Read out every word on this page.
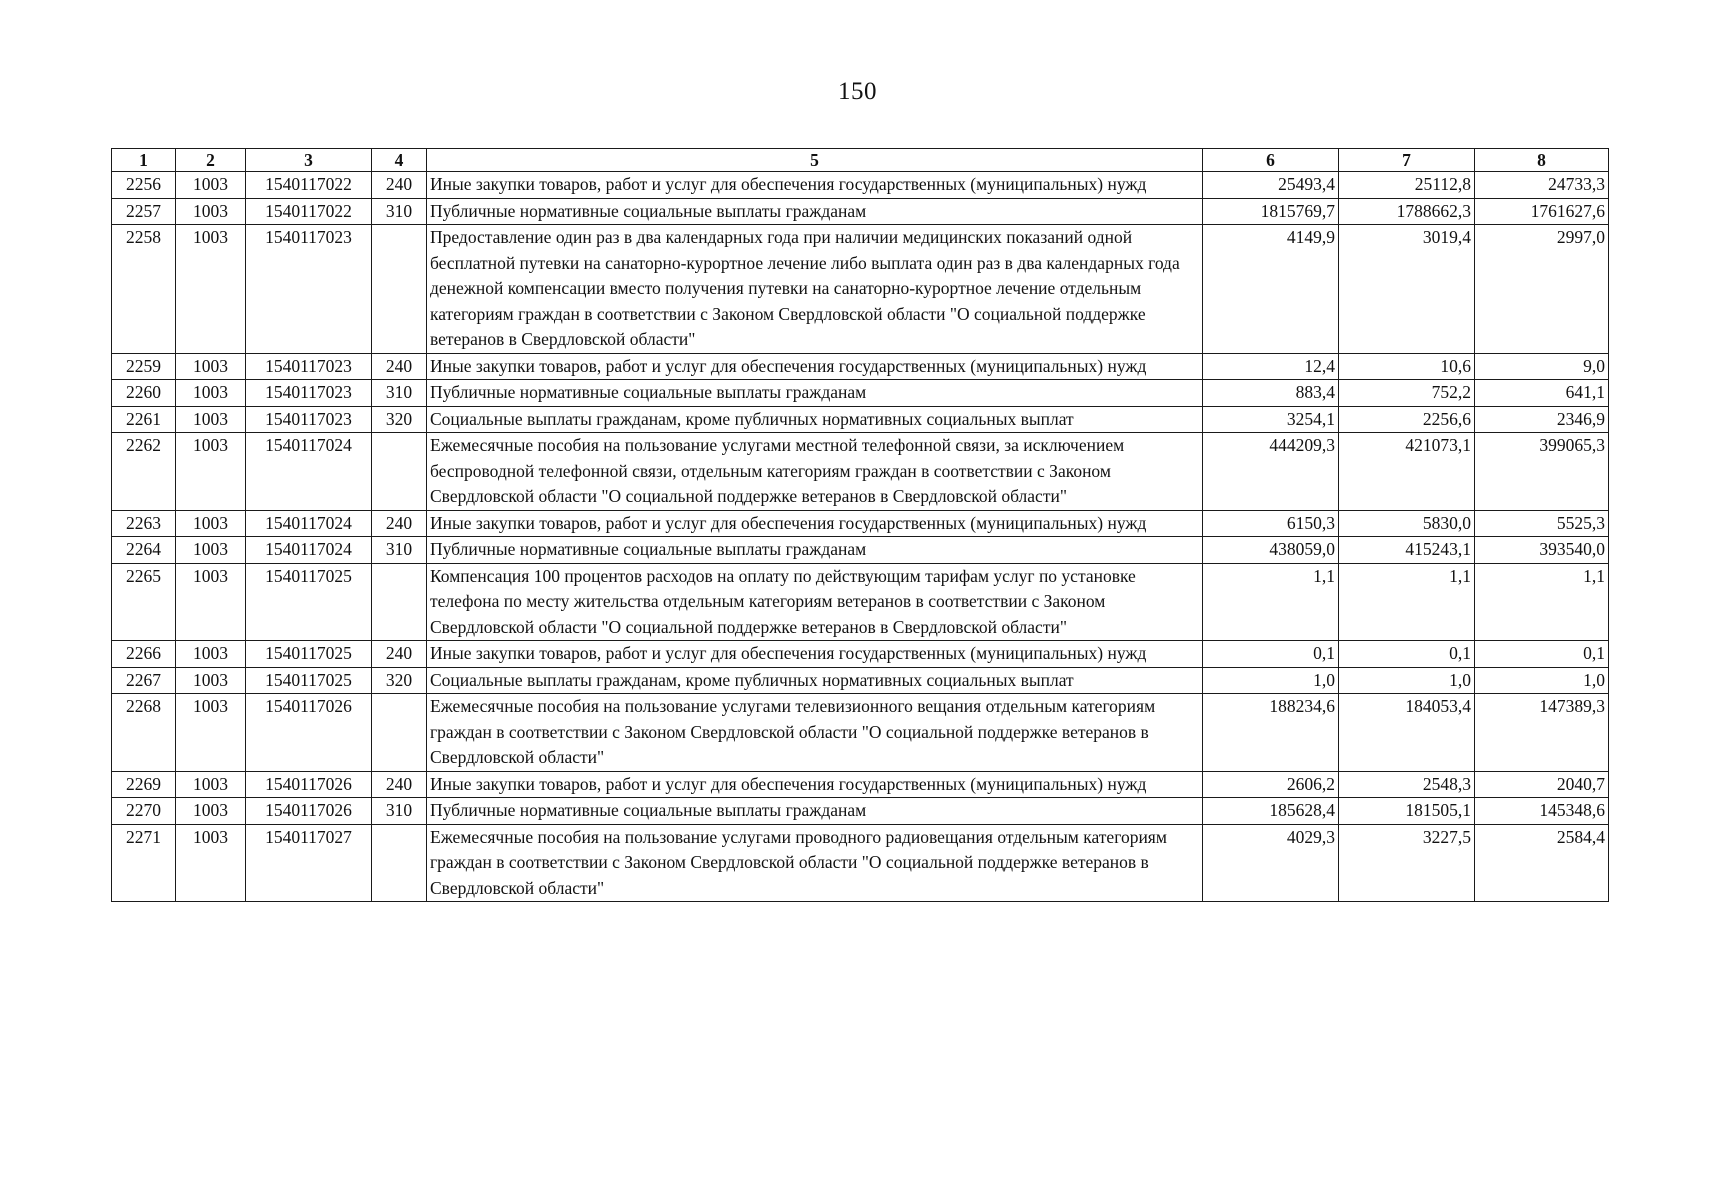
150
1	2	3	4	5	6	7	8
2256	1003	1540117022	240	Иные закупки товаров, работ и услуг для обеспечения государственных (муниципальных) нужд	25493,4	25112,8	24733,3
2257	1003	1540117022	310	Публичные нормативные социальные выплаты гражданам	1815769,7	1788662,3	1761627,6
2258	1003	1540117023		Предоставление один раз в два календарных года при наличии медицинских показаний одной бесплатной путевки на санаторно-курортное лечение либо выплата один раз в два календарных года денежной компенсации вместо получения путевки на санаторно-курортное лечение отдельным категориям граждан в соответствии с Законом Свердловской области "О социальной поддержке ветеранов в Свердловской области"	4149,9	3019,4	2997,0
2259	1003	1540117023	240	Иные закупки товаров, работ и услуг для обеспечения государственных (муниципальных) нужд	12,4	10,6	9,0
2260	1003	1540117023	310	Публичные нормативные социальные выплаты гражданам	883,4	752,2	641,1
2261	1003	1540117023	320	Социальные выплаты гражданам, кроме публичных нормативных социальных выплат	3254,1	2256,6	2346,9
2262	1003	1540117024		Ежемесячные пособия на пользование услугами местной телефонной связи, за исключением беспроводной телефонной связи, отдельным категориям граждан в соответствии с Законом Свердловской области "О социальной поддержке ветеранов в Свердловской области"	444209,3	421073,1	399065,3
2263	1003	1540117024	240	Иные закупки товаров, работ и услуг для обеспечения государственных (муниципальных) нужд	6150,3	5830,0	5525,3
2264	1003	1540117024	310	Публичные нормативные социальные выплаты гражданам	438059,0	415243,1	393540,0
2265	1003	1540117025		Компенсация 100 процентов расходов на оплату по действующим тарифам услуг по установке телефона по месту жительства отдельным категориям ветеранов в соответствии с Законом Свердловской области "О социальной поддержке ветеранов в Свердловской области"	1,1	1,1	1,1
2266	1003	1540117025	240	Иные закупки товаров, работ и услуг для обеспечения государственных (муниципальных) нужд	0,1	0,1	0,1
2267	1003	1540117025	320	Социальные выплаты гражданам, кроме публичных нормативных социальных выплат	1,0	1,0	1,0
2268	1003	1540117026		Ежемесячные пособия на пользование услугами телевизионного вещания отдельным категориям граждан в соответствии с Законом Свердловской области "О социальной поддержке ветеранов в Свердловской области"	188234,6	184053,4	147389,3
2269	1003	1540117026	240	Иные закупки товаров, работ и услуг для обеспечения государственных (муниципальных) нужд	2606,2	2548,3	2040,7
2270	1003	1540117026	310	Публичные нормативные социальные выплаты гражданам	185628,4	181505,1	145348,6
2271	1003	1540117027		Ежемесячные пособия на пользование услугами проводного радиовещания отдельным категориям граждан в соответствии с Законом Свердловской области "О социальной поддержке ветеранов в Свердловской области"	4029,3	3227,5	2584,4
